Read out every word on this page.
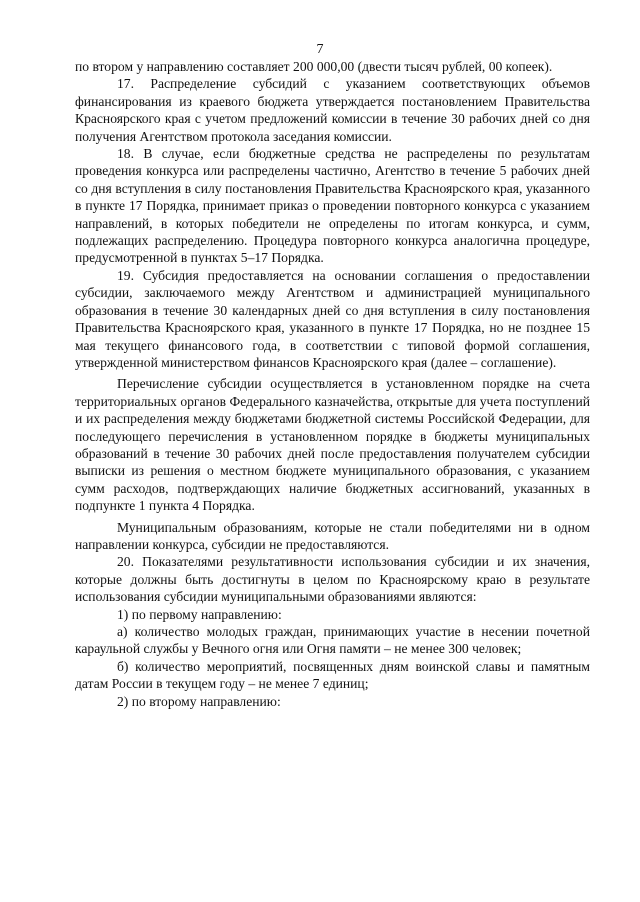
7

по втором у направлению составляет 200 000,00 (двести тысяч рублей, 00 копеек).

17. Распределение субсидий с указанием соответствующих объемов финансирования из краевого бюджета утверждается постановлением Правительства Красноярского края с учетом предложений комиссии в течение 30 рабочих дней со дня получения Агентством протокола заседания комиссии.

18. В случае, если бюджетные средства не распределены по результатам проведения конкурса или распределены частично, Агентство в течение 5 рабочих дней со дня вступления в силу постановления Правительства Красноярского края, указанного в пункте 17 Порядка, принимает приказ о проведении повторного конкурса с указанием направлений, в которых победители не определены по итогам конкурса, и сумм, подлежащих распределению. Процедура повторного конкурса аналогична процедуре, предусмотренной в пунктах 5–17 Порядка.

19. Субсидия предоставляется на основании соглашения о предоставлении субсидии, заключаемого между Агентством и администрацией муниципального образования в течение 30 календарных дней со дня вступления в силу постановления Правительства Красноярского края, указанного в пункте 17 Порядка, но не позднее 15 мая текущего финансового года, в соответствии с типовой формой соглашения, утвержденной министерством финансов Красноярского края (далее – соглашение).

Перечисление субсидии осуществляется в установленном порядке на счета территориальных органов Федерального казначейства, открытые для учета поступлений и их распределения между бюджетами бюджетной системы Российской Федерации, для последующего перечисления в установленном порядке в бюджеты муниципальных образований в течение 30 рабочих дней после предоставления получателем субсидии выписки из решения о местном бюджете муниципального образования, с указанием сумм расходов, подтверждающих наличие бюджетных ассигнований, указанных в подпункте 1 пункта 4 Порядка.

Муниципальным образованиям, которые не стали победителями ни в одном направлении конкурса, субсидии не предоставляются.

20. Показателями результативности использования субсидии и их значения, которые должны быть достигнуты в целом по Красноярскому краю в результате использования субсидии муниципальными образованиями являются:

1) по первому направлению:

а) количество молодых граждан, принимающих участие в несении почетной караульной службы у Вечного огня или Огня памяти – не менее 300 человек;

б) количество мероприятий, посвященных дням воинской славы и памятным датам России в текущем году – не менее 7 единиц;

2) по второму направлению:
